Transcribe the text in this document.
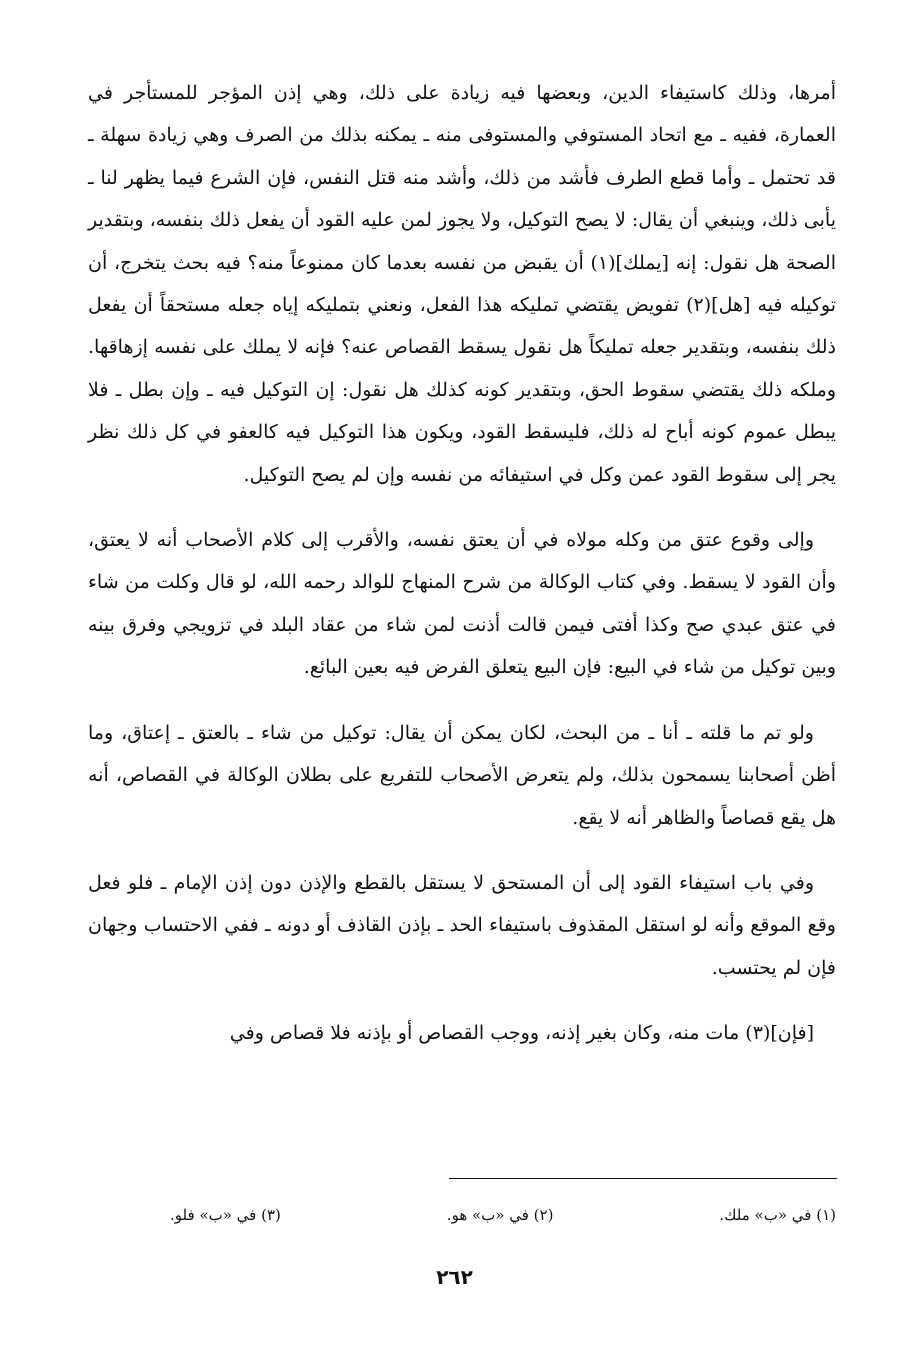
أمرها، وذلك كاستيفاء الدين، وبعضها فيه زيادة على ذلك، وهي إذن المؤجر للمستأجر في العمارة، ففيه ـ مع اتحاد المستوفي والمستوفى منه ـ يمكنه بذلك من الصرف وهي زيادة سهلة ـ قد تحتمل ـ وأما قطع الطرف فأشد من ذلك، وأشد منه قتل النفس، فإن الشرع فيما يظهر لنا ـ يأبى ذلك، وينبغي أن يقال: لا يصح التوكيل، ولا يجوز لمن عليه القود أن يفعل ذلك بنفسه، وبتقدير الصحة هل نقول: إنه [يملك](١) أن يقبض من نفسه بعدما كان ممنوعاً منه؟ فيه بحث يتخرج، أن توكيله فيه [هل](٢) تفويض يقتضي تمليكه هذا الفعل، ونعني بتمليكه إياه جعله مستحقاً أن يفعل ذلك بنفسه، وبتقدير جعله تمليكاً هل نقول يسقط القصاص عنه؟ فإنه لا يملك على نفسه إزهاقها. وملكه ذلك يقتضي سقوط الحق، وبتقدير كونه كذلك هل نقول: إن التوكيل فيه ـ وإن بطل ـ فلا يبطل عموم كونه أباح له ذلك، فليسقط القود، ويكون هذا التوكيل فيه كالعفو في كل ذلك نظر يجر إلى سقوط القود عمن وكل في استيفائه من نفسه وإن لم يصح التوكيل.

وإلى وقوع عتق من وكله مولاه في أن يعتق نفسه، والأقرب إلى كلام الأصحاب أنه لا يعتق، وأن القود لا يسقط. وفي كتاب الوكالة من شرح المنهاج للوالد رحمه الله، لو قال وكلت من شاء في عتق عبدي صح وكذا أفتى فيمن قالت أذنت لمن شاء من عقاد البلد في تزويجي وفرق بينه وبين توكيل من شاء في البيع: فإن البيع يتعلق الفرض فيه بعين البائع.

ولو تم ما قلته ـ أنا ـ من البحث، لكان يمكن أن يقال: توكيل من شاء ـ بالعتق ـ إعتاق، وما أظن أصحابنا يسمحون بذلك، ولم يتعرض الأصحاب للتفريع على بطلان الوكالة في القصاص، أنه هل يقع قصاصاً والظاهر أنه لا يقع.

وفي باب استيفاء القود إلى أن المستحق لا يستقل بالقطع والإذن دون إذن الإمام ـ فلو فعل وقع الموقع وأنه لو استقل المقذوف باستيفاء الحد ـ بإذن القاذف أو دونه ـ ففي الاحتساب وجهان فإن لم يحتسب.

[فإن](٣) مات منه، وكان بغير إذنه، ووجب القصاص أو بإذنه فلا قصاص وفي

(١) في «ب» ملك.
(٢) في «ب» هو.
(٣) في «ب» فلو.
٢٦٢
